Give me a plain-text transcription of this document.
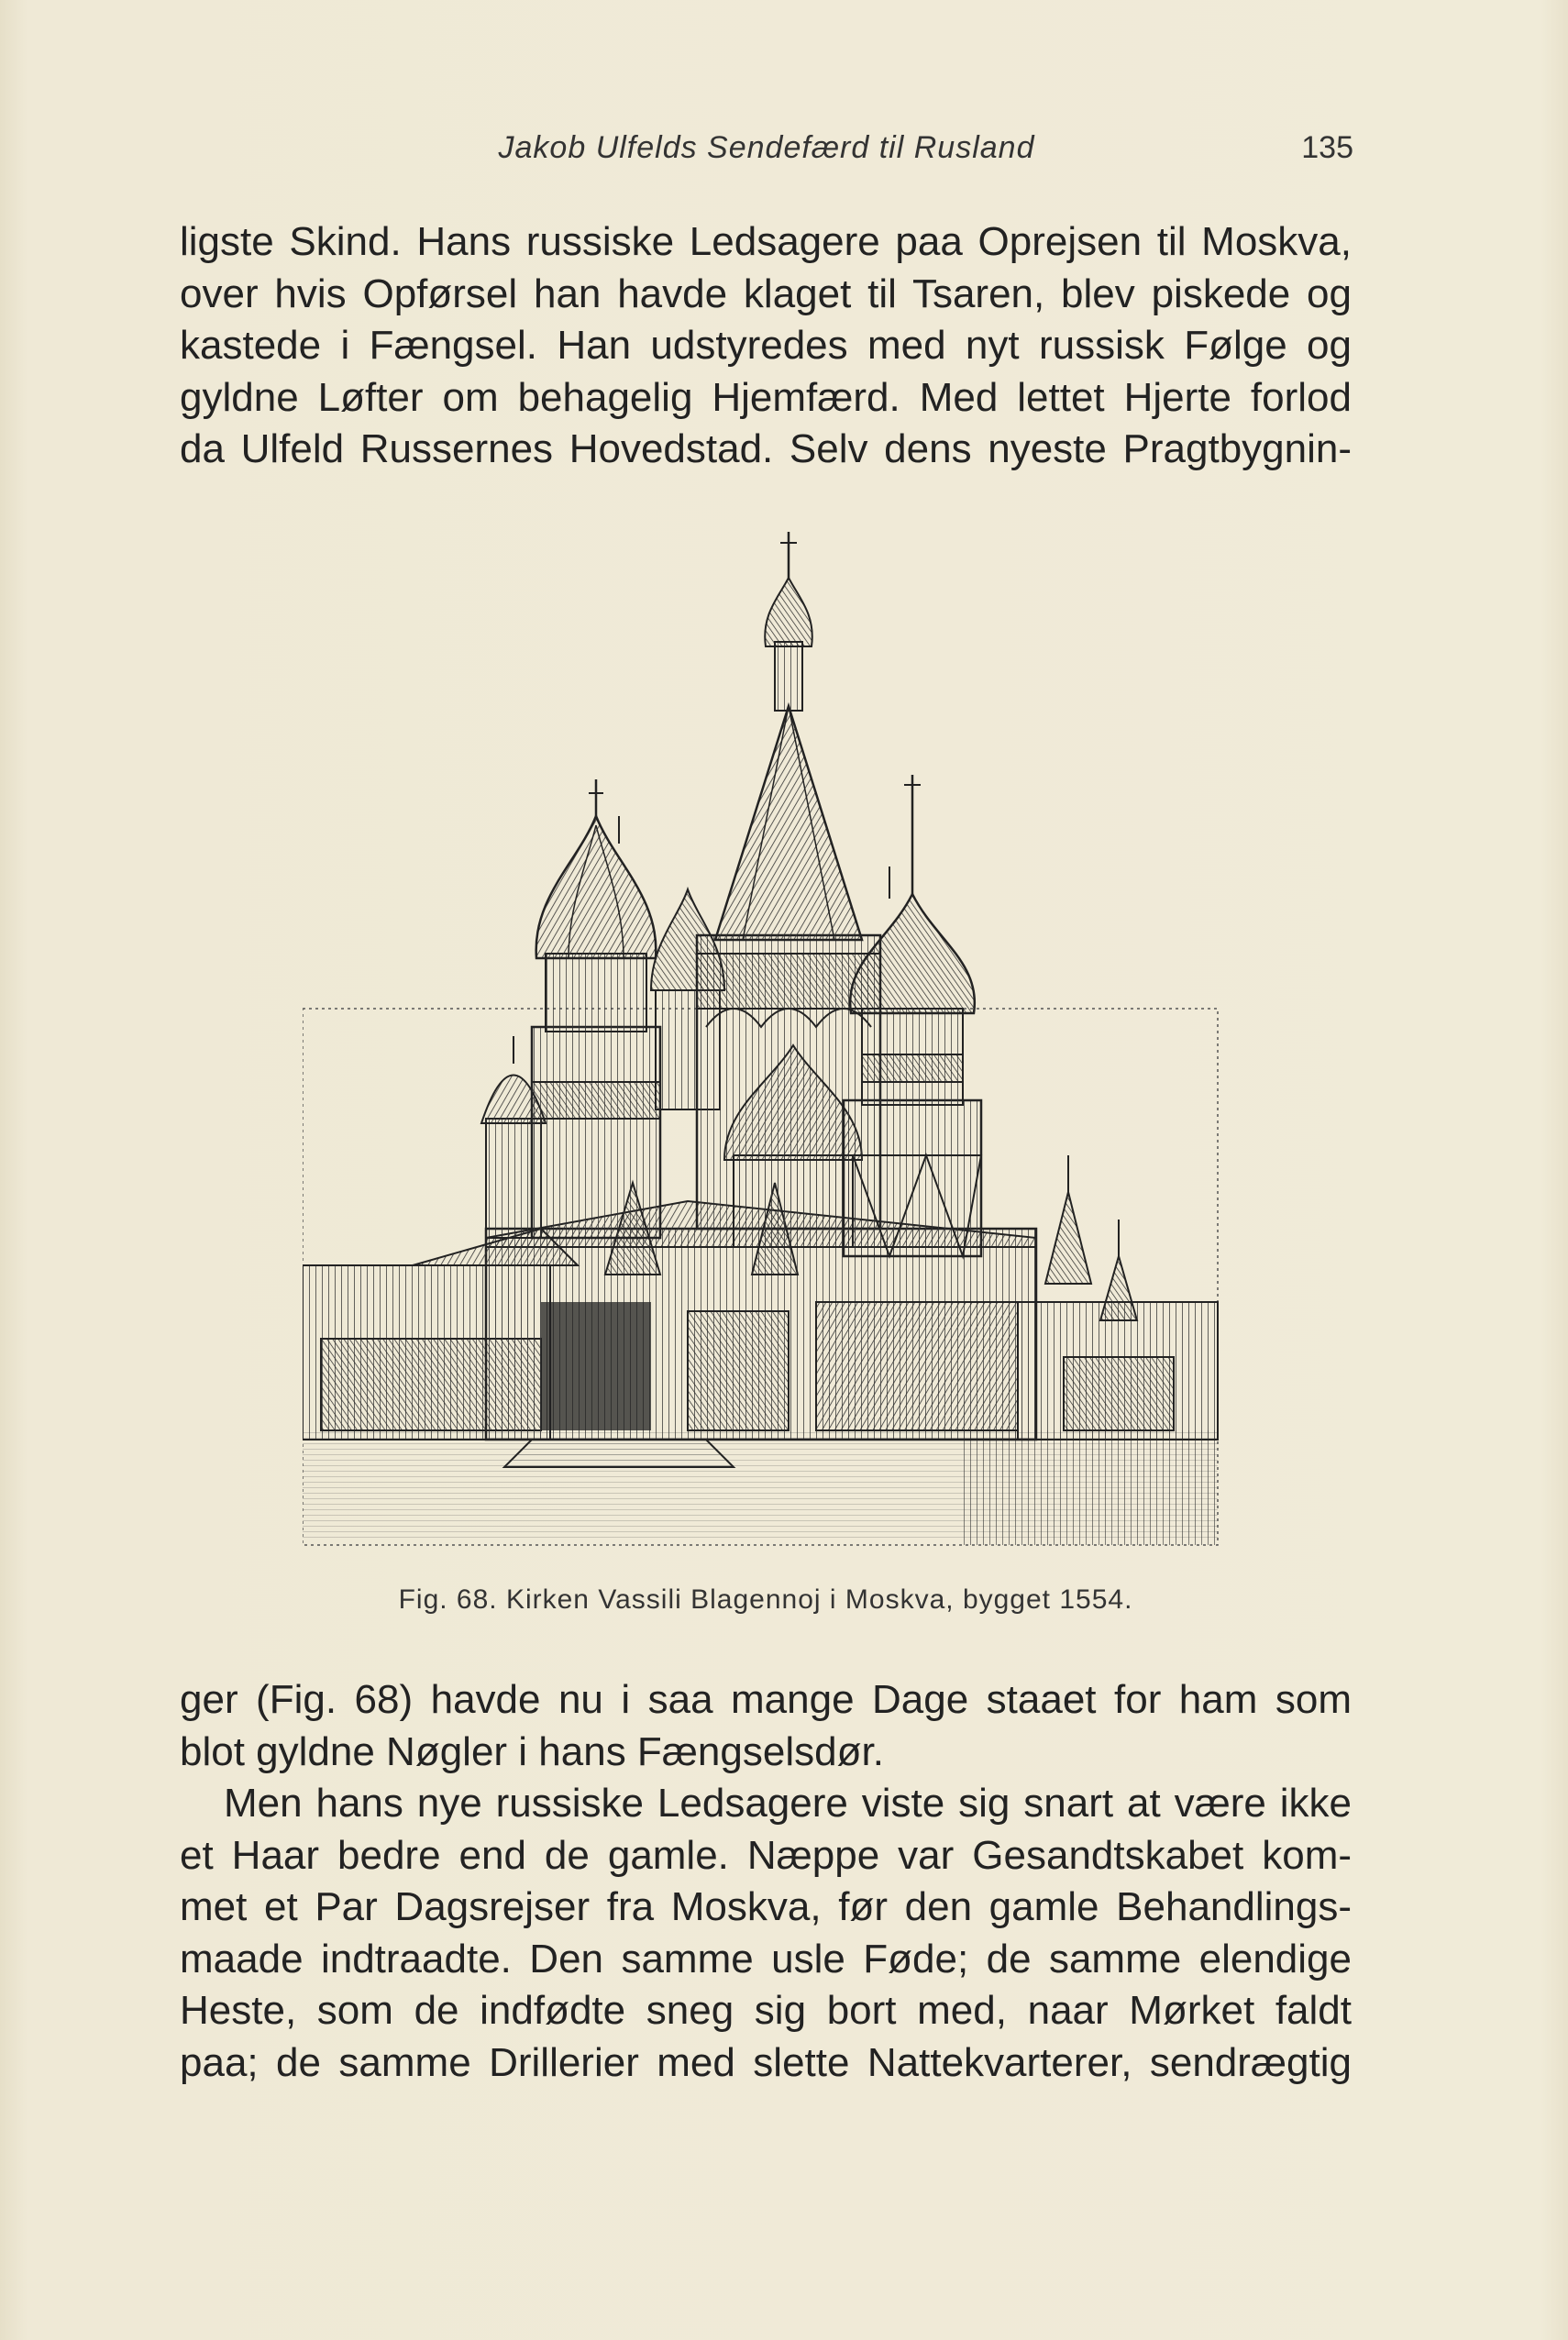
Jakob Ulfelds Sendefærd til Rusland	135
ligste Skind. Hans russiske Ledsagere paa Oprejsen til Moskva,
over hvis Opførsel han havde klaget til Tsaren, blev piskede og
kastede i Fængsel. Han udstyredes med nyt russisk Følge og
gyldne Løfter om behagelig Hjemfærd. Med lettet Hjerte forlod
da Ulfeld Russernes Hovedstad. Selv dens nyeste Pragtbygnin-
Fig. 68. Kirken Vassili Blagennoj i Moskva, bygget 1554.
ger (Fig. 68) havde nu i saa mange Dage staaet for ham som
blot gyldne Nøgler i hans Fængselsdør.
Men hans nye russiske Ledsagere viste sig snart at være ikke
et Haar bedre end de gamle. Næppe var Gesandtskabet kom-
met et Par Dagsrejser fra Moskva, før den gamle Behandlings-
maade indtraadte. Den samme usle Føde; de samme elendige
Heste, som de indfødte sneg sig bort med, naar Mørket faldt
paa; de samme Drillerier med slette Nattekvarterer, sendrægtig
